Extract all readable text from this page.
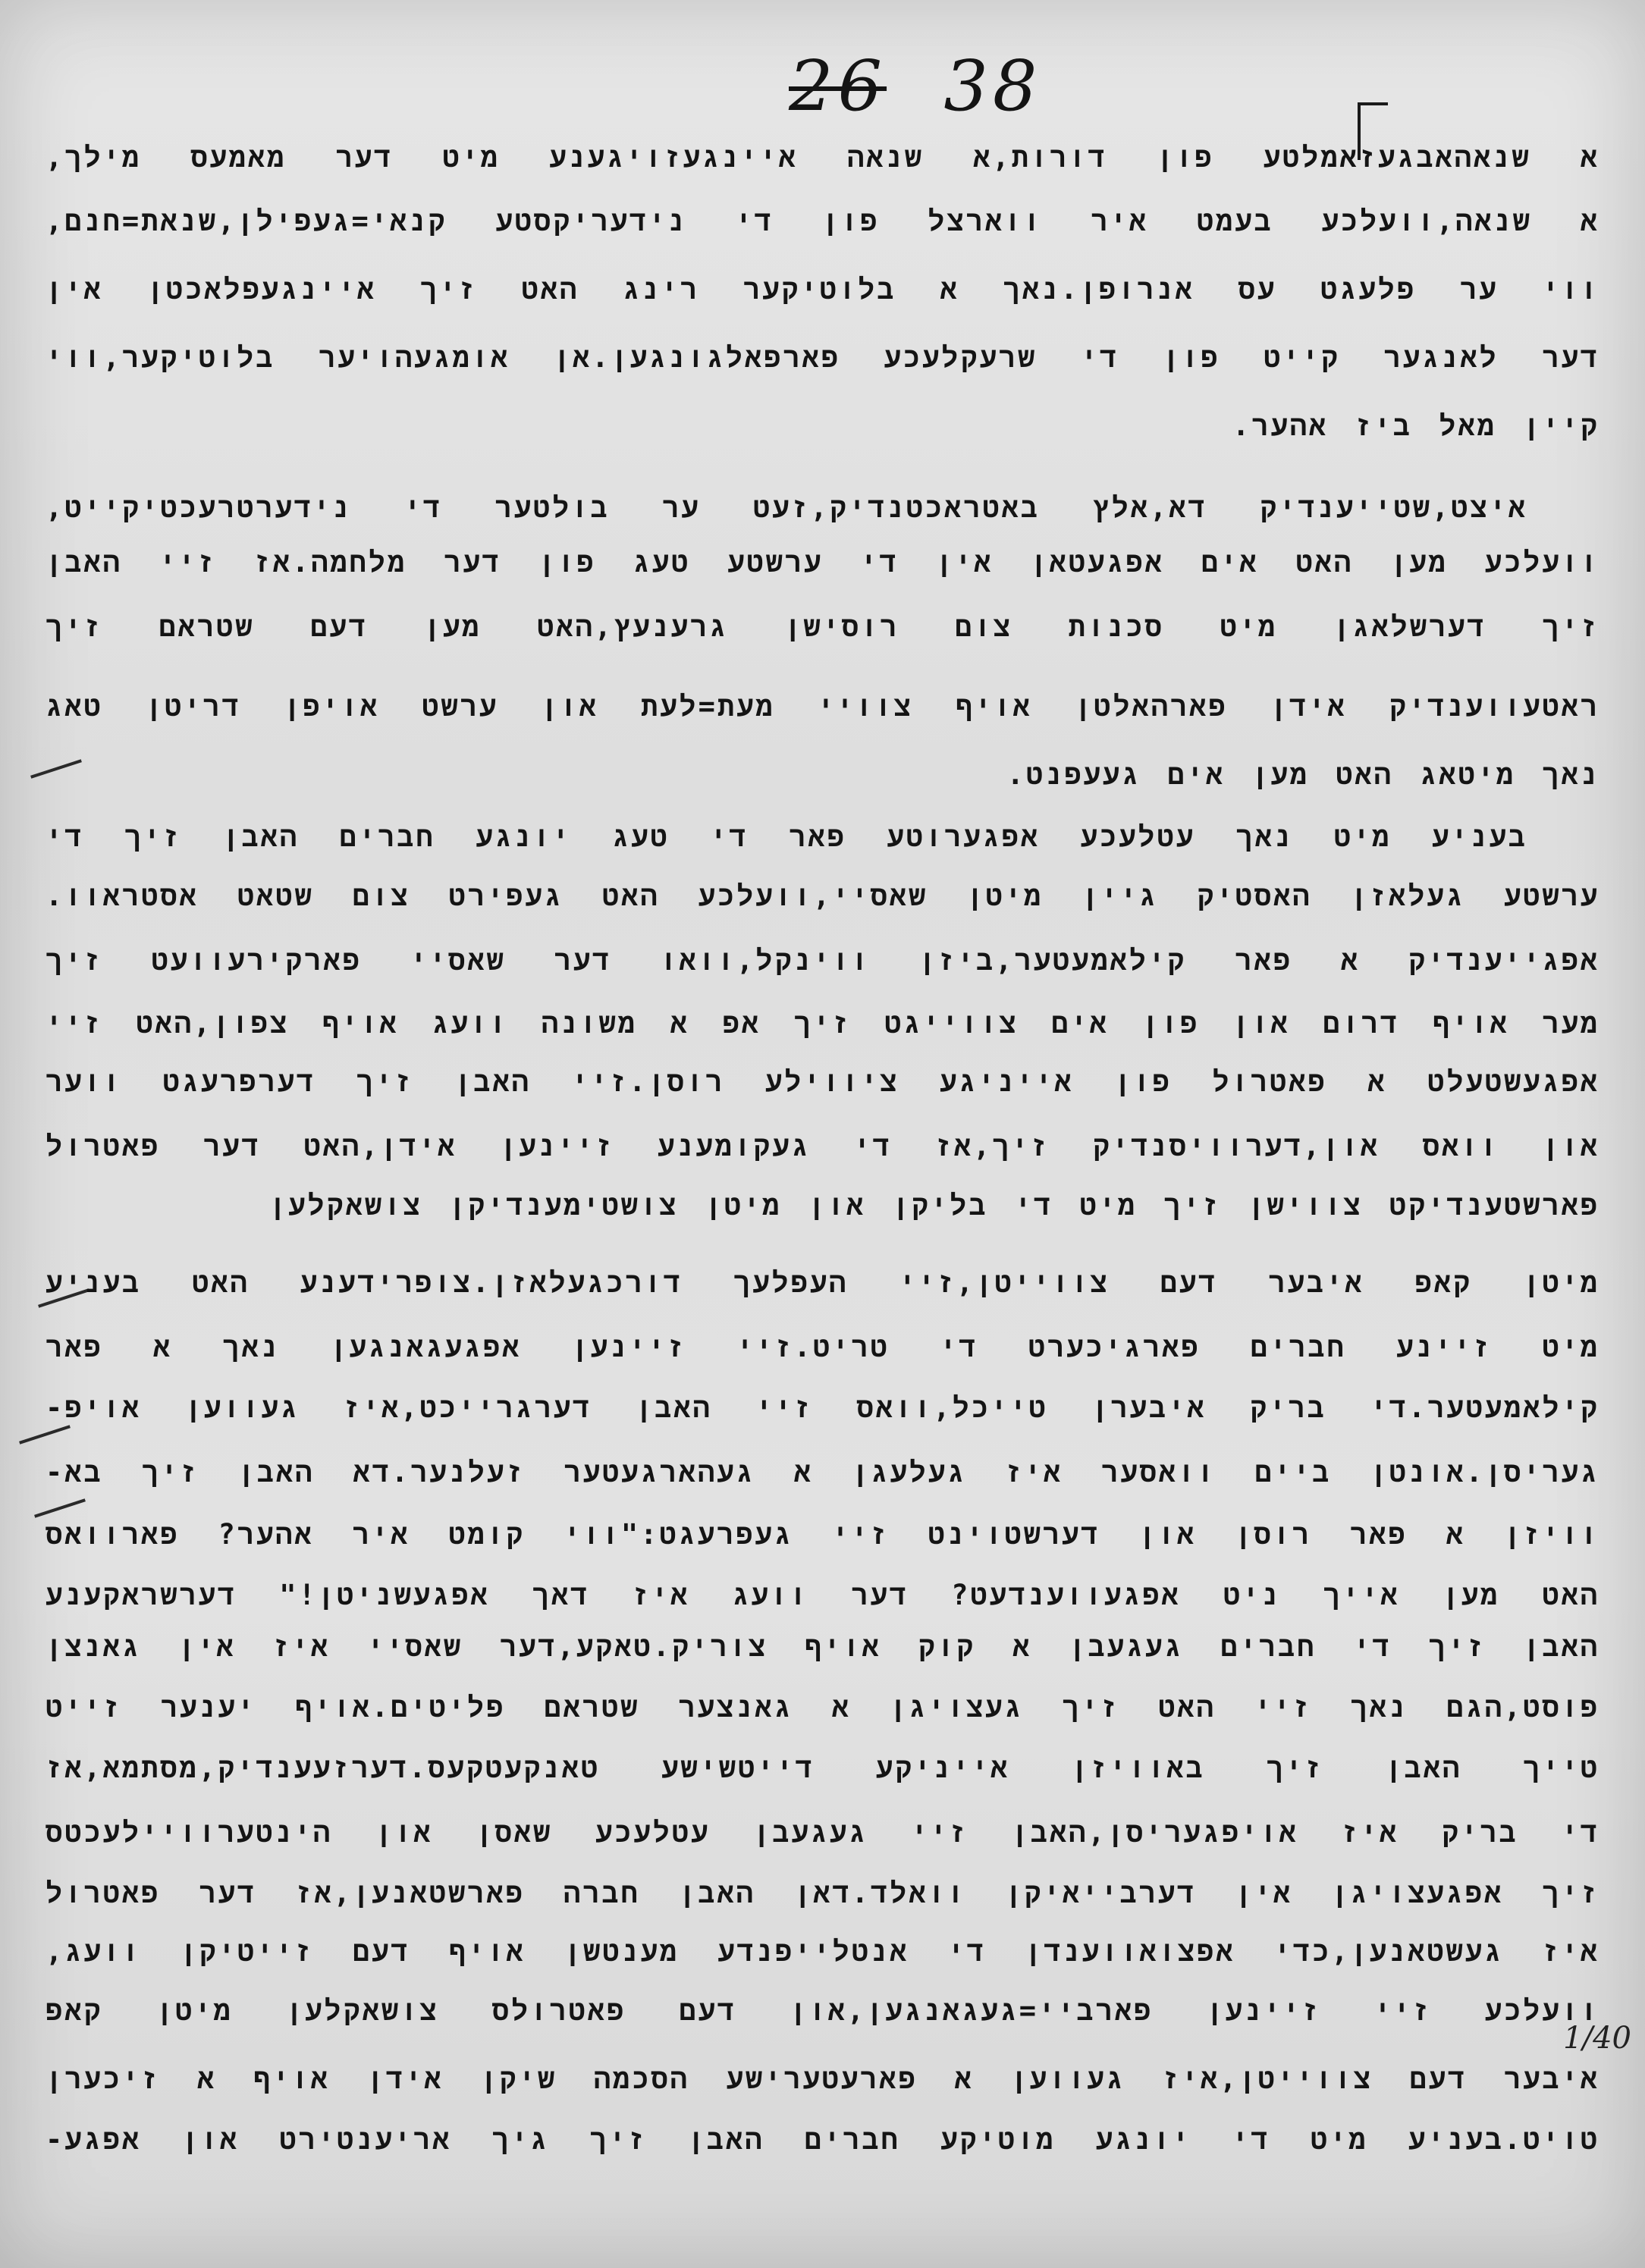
26 38
1/40
א שנאהאבגעזאמלטע פון דורות,א שנאה איינגעזויגענע מיט דער מאמעס מילך,
א שנאה,וועלכע בעמט איר ווארצל פון די נידעריקסטע קנאי=געפילן,שנאת=חנם,
ווי ער פלעגט עס אנרופן.נאך א בלוטיקער רינג האט זיך איינגעפלאכטן אין
דער לאנגער קייט פון די שרעקלעכע פארפאלגונגען.אן אומגעהויער בלוטיקער,ווי
קיין מאל ביז אהער.
איצט,שטייענדיק דא,אלץ באטראכטנדיק,זעט ער בולטער די נידערטרעכטיקייט,
וועלכע מען האט אים אפגעטאן אין די ערשטע טעג פון דער מלחמה.אז זיי האבן
זיך דערשלאגן מיט סכנות צום רוסישן גרענעץ,האט מען דעם שטראם זיך
ראטעווענדיק אידן פארהאלטן אויף צוויי מעת=לעת און ערשט אויפן דריטן טאג
נאך מיטאג האט מען אים געעפנט.
בעניע מיט נאך עטלעכע אפגערוטע פאר די טעג יונגע חברים האבן זיך די
ערשטע געלאזן האסטיק גיין מיטן שאסיי,וועלכע האט געפירט צום שטאט אסטראוו.
אפגייענדיק א פאר קילאמעטער,ביזן ווינקל,וואו דער שאסיי פארקירעוועט זיך
מער אויף דרום און פון אים צווייגט זיך אפ א משונה וועג אויף צפון,האט זיי
אפגעשטעלט א פאטרול פון אייניגע ציווילע רוסן.זיי האבן זיך דערפרעגט ווער
און וואס און,דערוויסנדיק זיך,אז די געקומענע זיינען אידן,האט דער פאטרול
פארשטענדיקט צווישן זיך מיט די בליקן און מיטן צושטימענדיקן צושאקלען
מיטן קאפ איבער דעם צווייטן,זיי העפלעך דורכגעלאזן.צופרידענע האט בעניע
מיט זיינע חברים פארגיכערט די טריט.זיי זיינען אפגעגאנגען נאך א פאר
קילאמעטער.די בריק איבערן טייכל,וואס זיי האבן דערגרייכט,איז געווען אויפ-
געריסן.אונטן ביים וואסער איז געלעגן א געהארגעטער זעלנער.דא האבן זיך בא-
וויזן א פאר רוסן און דערשטוינט זיי געפרעגט:"ווי קומט איר אהער? פארוואס
האט מען אייך ניט אפגעווענדעט? דער וועג איז דאך אפגעשניטן!" דערשראקענע
האבן זיך די חברים געגעבן א קוק אויף צוריק.טאקע,דער שאסיי איז אין גאנצן
פוסט,הגם נאך זיי האט זיך געצויגן א גאנצער שטראם פליטים.אויף יענער זייט
טייך האבן זיך באוויזן אייניקע דייטשישע טאנקעטקעס.דערזעענדיק,מסתמא,אז
די בריק איז אויפגעריסן,האבן זיי געגעבן עטלעכע שאסן און הינטערוויילעכטס
זיך אפגעצויגן אין דערבייאיקן וואלד.דאן האבן חברה פארשטאנען,אז דער פאטרול
איז געשטאנען,כדי אפצואווענדן די אנטלייפנדע מענטשן אויף דעם זייטיקן וועג,
וועלכע זיי זיינען פארביי=געגאנגען,און דעם פאטרולס צושאקלען מיטן קאפ
איבער דעם צווייטן,איז געווען א פארעטערישע הסכמה שיקן אידן אויף א זיכערן
טויט.בעניע מיט די יונגע מוטיקע חברים האבן זיך גיך אריענטירט און אפגע-
